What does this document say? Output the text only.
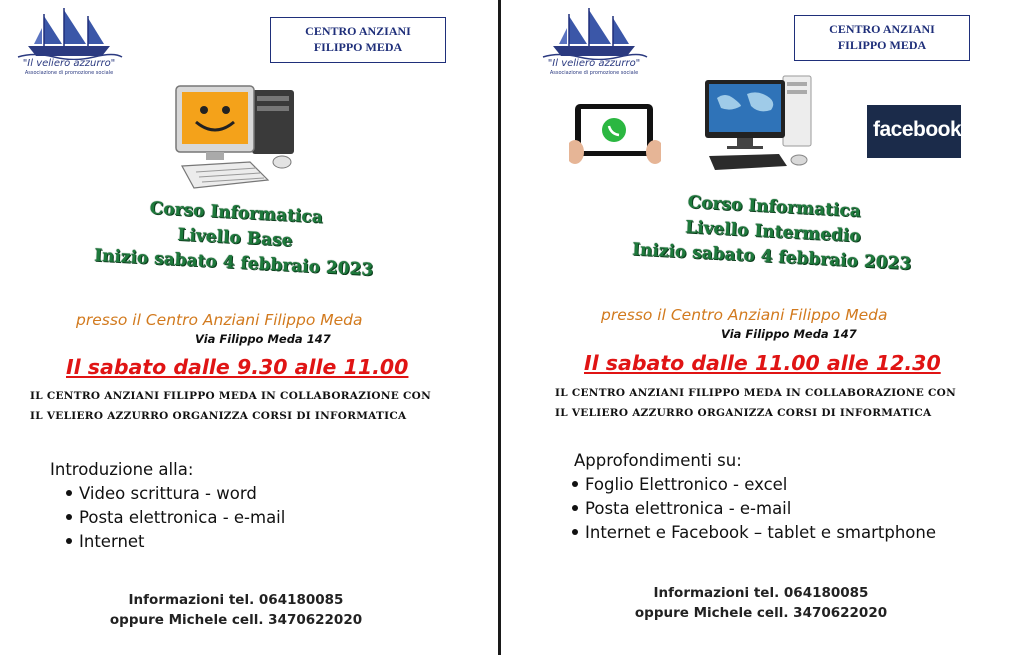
"Il veliero azzurro"
Associazione di promozione sociale
CENTRO ANZIANI
FILIPPO MEDA
Corso Informatica
Livello Base
Inizio sabato 4 febbraio 2023
presso il Centro Anziani Filippo Meda
Via Filippo Meda 147
Il sabato dalle 9.30 alle 11.00
IL CENTRO ANZIANI FILIPPO MEDA IN COLLABORAZIONE CON
IL VELIERO AZZURRO ORGANIZZA CORSI DI INFORMATICA
Introduzione alla:
Video scrittura - word
Posta elettronica - e-mail
Internet
Informazioni tel. 064180085
oppure Michele cell. 3470622020
"Il veliero azzurro"
Associazione di promozione sociale
CENTRO ANZIANI
FILIPPO MEDA
facebook
Corso Informatica
Livello Intermedio
Inizio sabato 4 febbraio 2023
presso il Centro Anziani Filippo Meda
Via Filippo Meda 147
Il sabato dalle 11.00 alle 12.30
IL CENTRO ANZIANI FILIPPO MEDA IN COLLABORAZIONE CON
IL VELIERO AZZURRO ORGANIZZA CORSI DI INFORMATICA
Approfondimenti su:
Foglio Elettronico - excel
Posta elettronica - e-mail
Internet e Facebook – tablet e smartphone
Informazioni tel. 064180085
oppure Michele cell. 3470622020
